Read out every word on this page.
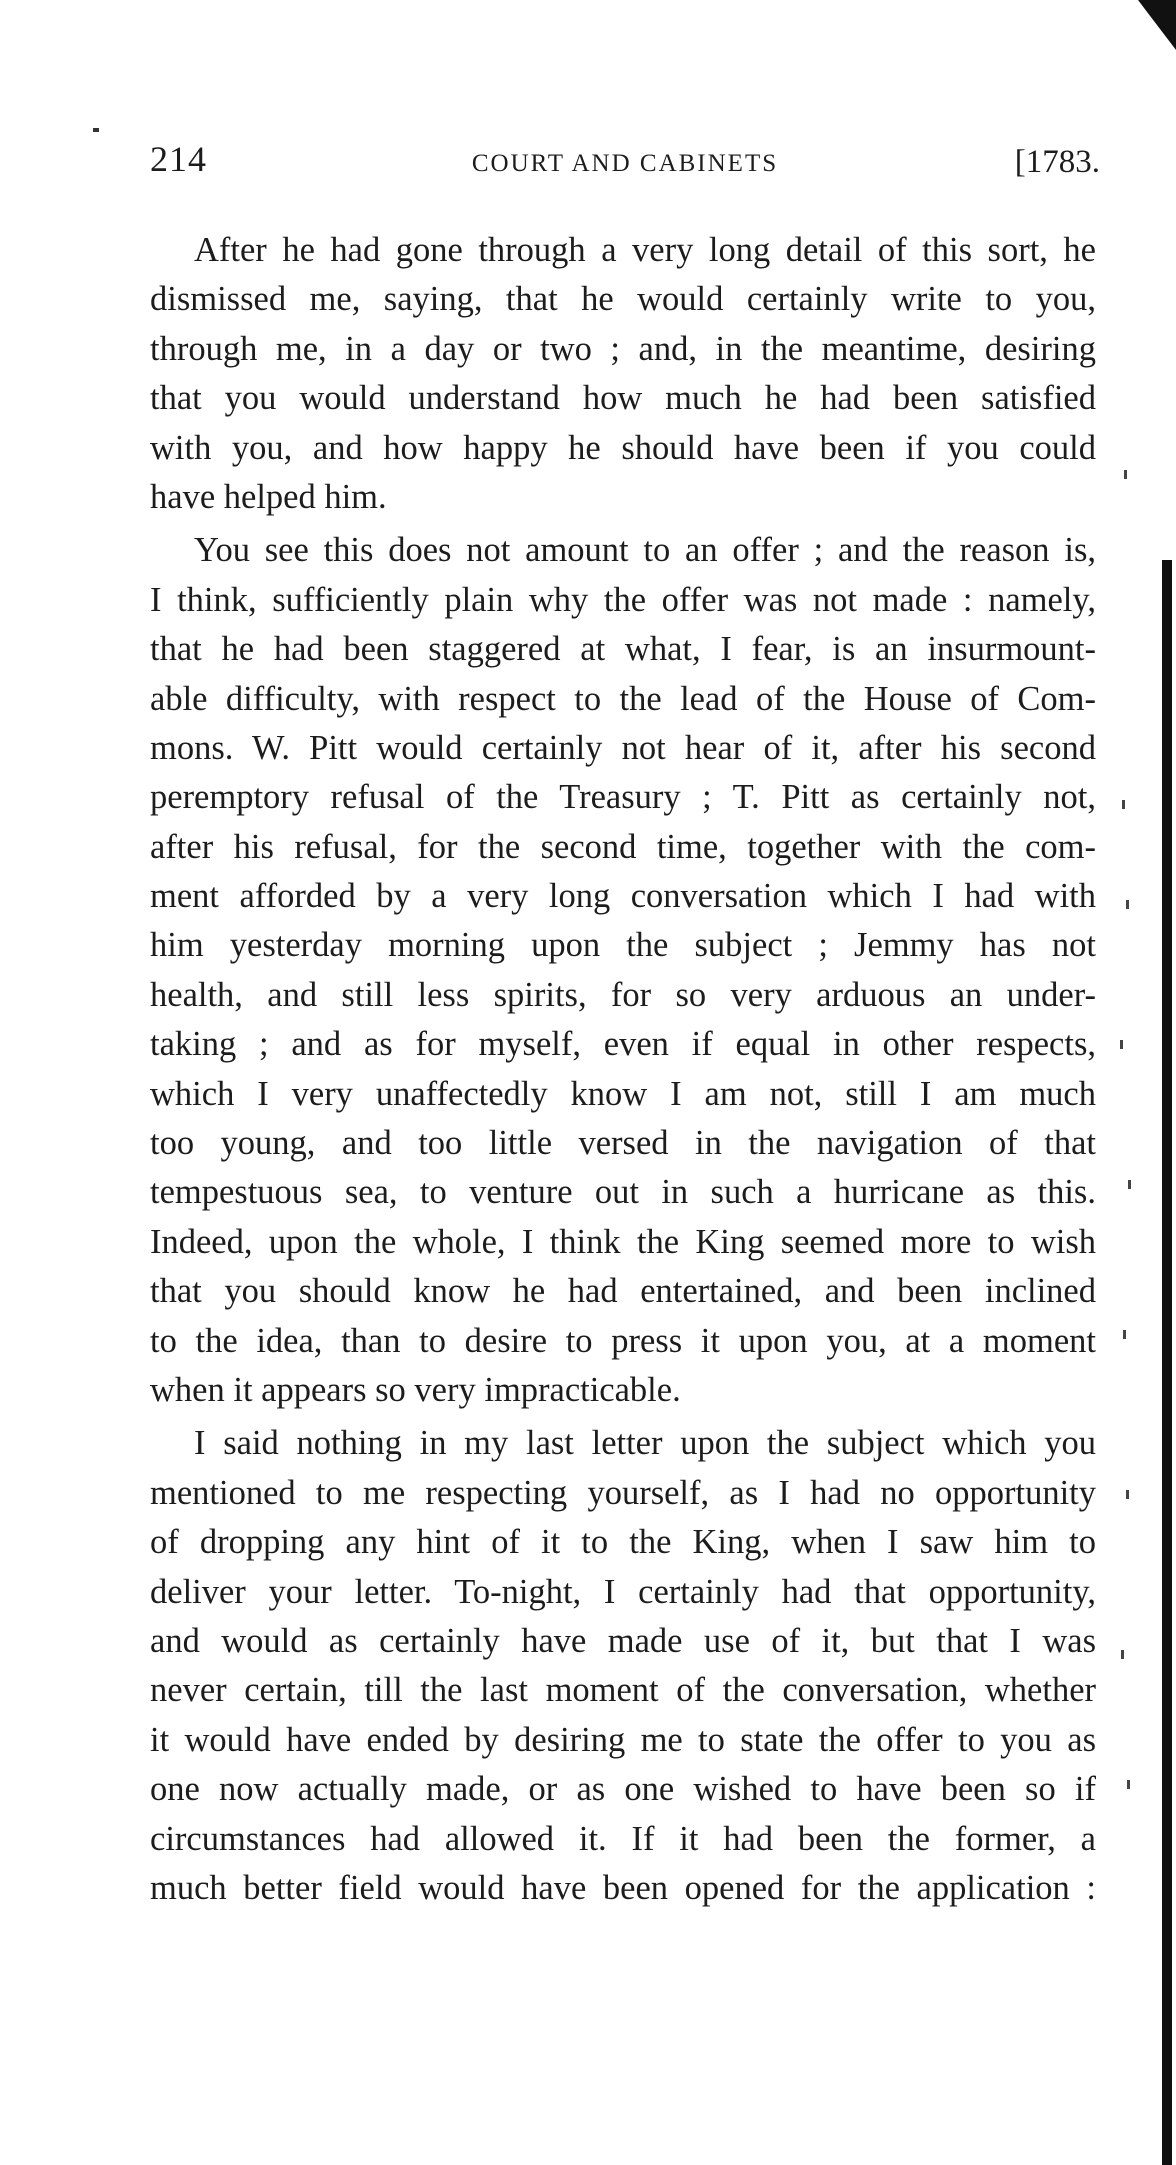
214	COURT AND CABINETS	[1783.
After he had gone through a very long detail of this sort, he
dismissed me, saying, that he would certainly write to you,
through me, in a day or two ; and, in the meantime, desiring
that you would understand how much he had been satisfied
with you, and how happy he should have been if you could
have helped him.
You see this does not amount to an offer ; and the reason is,
I think, sufficiently plain why the offer was not made : namely,
that he had been staggered at what, I fear, is an insurmount-
able difficulty, with respect to the lead of the House of Com-
mons. W. Pitt would certainly not hear of it, after his second
peremptory refusal of the Treasury ; T. Pitt as certainly not,
after his refusal, for the second time, together with the com-
ment afforded by a very long conversation which I had with
him yesterday morning upon the subject ; Jemmy has not
health, and still less spirits, for so very arduous an under-
taking ; and as for myself, even if equal in other respects,
which I very unaffectedly know I am not, still I am much
too young, and too little versed in the navigation of that
tempestuous sea, to venture out in such a hurricane as this.
Indeed, upon the whole, I think the King seemed more to wish
that you should know he had entertained, and been inclined
to the idea, than to desire to press it upon you, at a moment
when it appears so very impracticable.
I said nothing in my last letter upon the subject which you
mentioned to me respecting yourself, as I had no opportunity
of dropping any hint of it to the King, when I saw him to
deliver your letter. To-night, I certainly had that opportunity,
and would as certainly have made use of it, but that I was
never certain, till the last moment of the conversation, whether
it would have ended by desiring me to state the offer to you as
one now actually made, or as one wished to have been so if
circumstances had allowed it. If it had been the former, a
much better field would have been opened for the application :
